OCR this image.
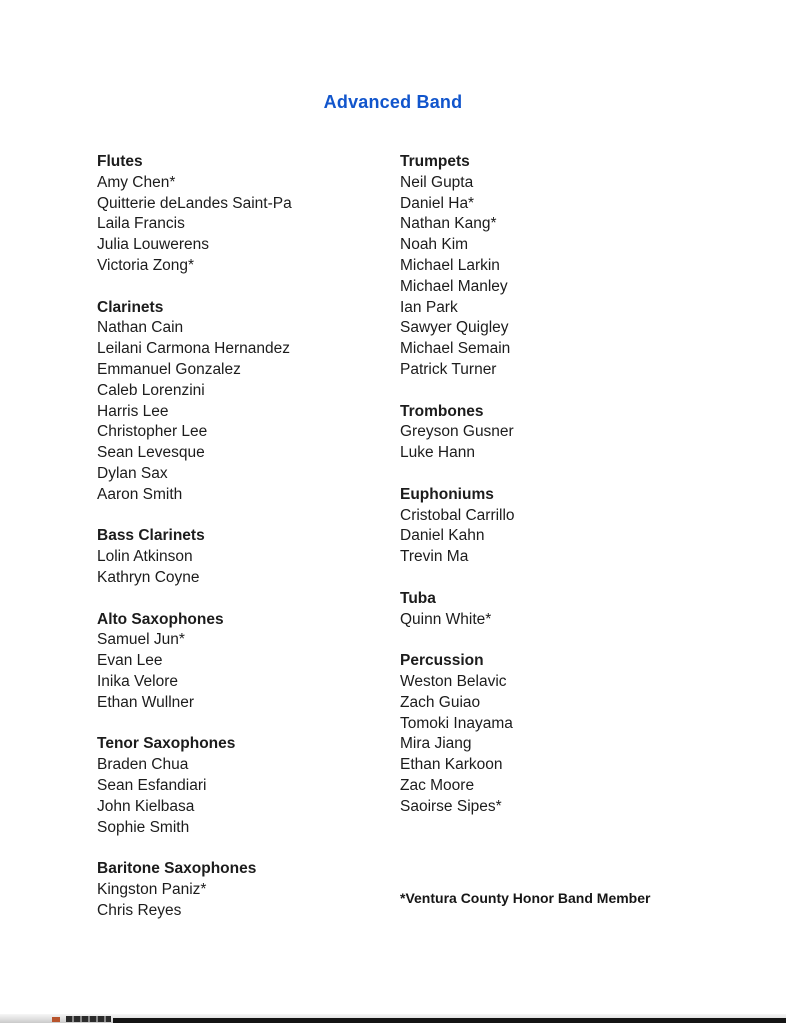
Advanced Band
Flutes
Amy Chen*
Quitterie deLandes Saint-Pa
Laila Francis
Julia Louwerens
Victoria Zong*
Clarinets
Nathan Cain
Leilani Carmona Hernandez
Emmanuel Gonzalez
Caleb Lorenzini
Harris Lee
Christopher Lee
Sean Levesque
Dylan Sax
Aaron Smith
Bass Clarinets
Lolin Atkinson
Kathryn Coyne
Alto Saxophones
Samuel Jun*
Evan Lee
Inika Velore
Ethan Wullner
Tenor Saxophones
Braden Chua
Sean Esfandiari
John Kielbasa
Sophie Smith
Baritone Saxophones
Kingston Paniz*
Chris Reyes
Trumpets
Neil Gupta
Daniel Ha*
Nathan Kang*
Noah Kim
Michael Larkin
Michael Manley
Ian Park
Sawyer Quigley
Michael Semain
Patrick Turner
Trombones
Greyson Gusner
Luke Hann
Euphoniums
Cristobal Carrillo
Daniel Kahn
Trevin Ma
Tuba
Quinn White*
Percussion
Weston Belavic
Zach Guiao
Tomoki Inayama
Mira Jiang
Ethan Karkoon
Zac Moore
Saoirse Sipes*
*Ventura County Honor Band Member
